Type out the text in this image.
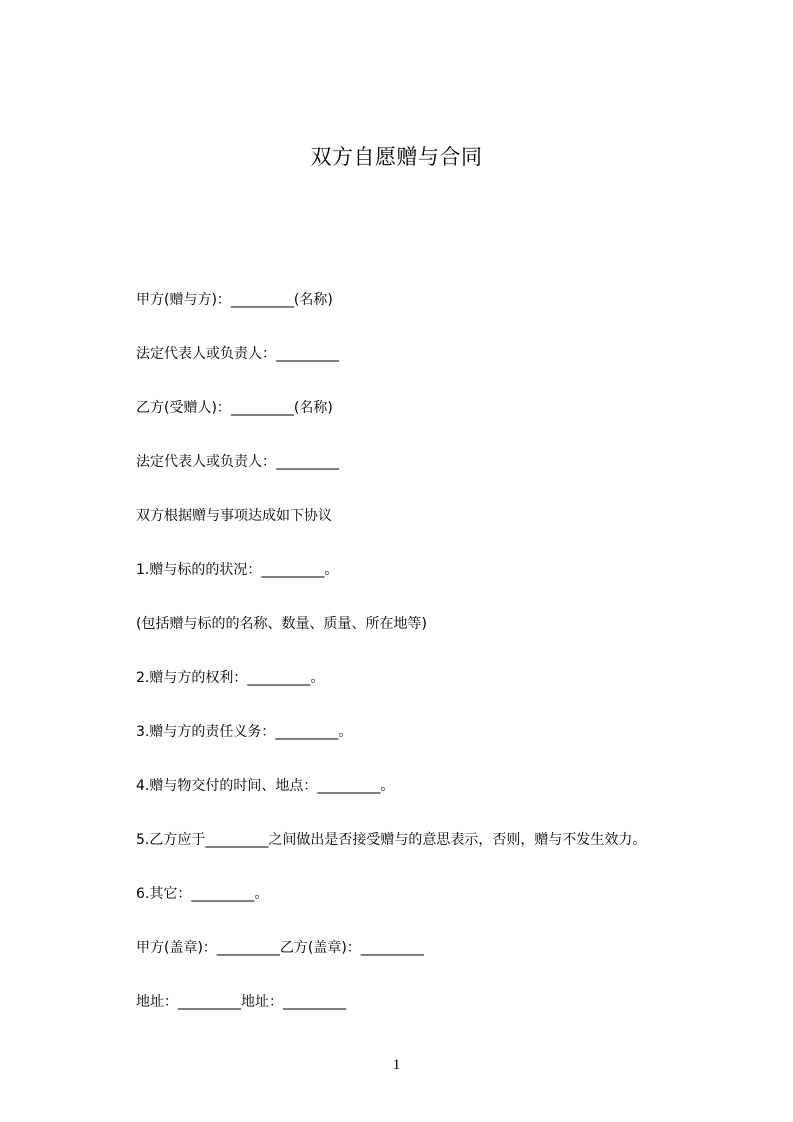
双方自愿赠与合同
甲方(赠与方)：_________(名称)
法定代表人或负责人：_________
乙方(受赠人)：_________(名称)
法定代表人或负责人：_________
双方根据赠与事项达成如下协议
1.赠与标的的状况：_________。
(包括赠与标的的名称、数量、质量、所在地等)
2.赠与方的权利：_________。
3.赠与方的责任义务：_________。
4.赠与物交付的时间、地点：_________。
5.乙方应于_________之间做出是否接受赠与的意思表示，否则，赠与不发生效力。
6.其它：_________。
甲方(盖章)：_________乙方(盖章)：_________
地址：_________地址：_________
1
